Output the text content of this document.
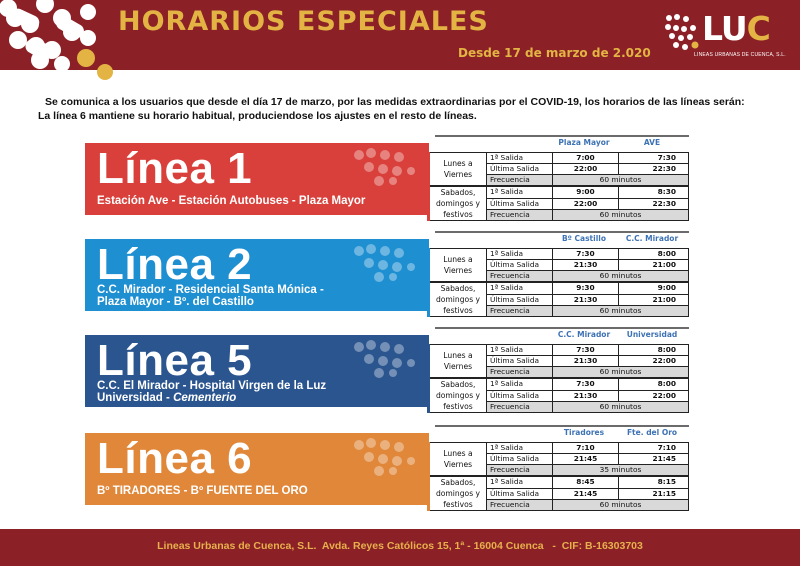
HORARIOS ESPECIALES
Desde 17 de marzo de 2.020
LUC
LINEAS URBANAS DE CUENCA, S.L.
Se comunica a los usuarios que desde el día 17 de marzo, por las medidas extraordinarias por el COVID-19, los horarios de las líneas serán:
La línea 6 mantiene su horario habitual, produciendose los ajustes en el resto de líneas.
Línea 1
Estación Ave - Estación Autobuses - Plaza Mayor
Plaza Mayor	AVE
Lunes a
Viernes	1ª Salida	7:00	7:30
	Última Salida	22:00	22:30
	Frecuencia	60 minutos	

Sabados,
domingos y
festivos	1ª Salida	9:00	8:30
	Última Salida	22:00	22:30
	Frecuencia	60 minutos	
Línea 2
C.C. Mirador - Residencial Santa Mónica -
Plaza Mayor - Bº. del Castillo
Bº Castillo	C.C. Mirador
Lunes a
Viernes	1ª Salida	7:30	8:00
	Última Salida	21:30	21:00
	Frecuencia	60 minutos	

Sabados,
domingos y
festivos	1ª Salida	9:30	9:00
	Última Salida	21:30	21:00
	Frecuencia	60 minutos	
Línea 5
C.C. El Mirador - Hospital Virgen de la Luz
Universidad - Cementerio
C.C. Mirador	Universidad
Lunes a
Viernes	1ª Salida	7:30	8:00
	Última Salida	21:30	22:00
	Frecuencia	60 minutos	

Sabados,
domingos y
festivos	1ª Salida	7:30	8:00
	Última Salida	21:30	22:00
	Frecuencia	60 minutos	
Línea 6
Bº TIRADORES - Bº FUENTE DEL ORO
Tiradores	Fte. del Oro
Lunes a
Viernes	1ª Salida	7:10	7:10
	Última Salida	21:45	21:45
	Frecuencia	35 minutos	

Sabados,
domingos y
festivos	1ª Salida	8:45	8:15
	Última Salida	21:45	21:15
	Frecuencia	60 minutos	
Lineas Urbanas de Cuenca, S.L.  Avda. Reyes Católicos 15, 1ª - 16004 Cuenca   -  CIF: B-16303703
